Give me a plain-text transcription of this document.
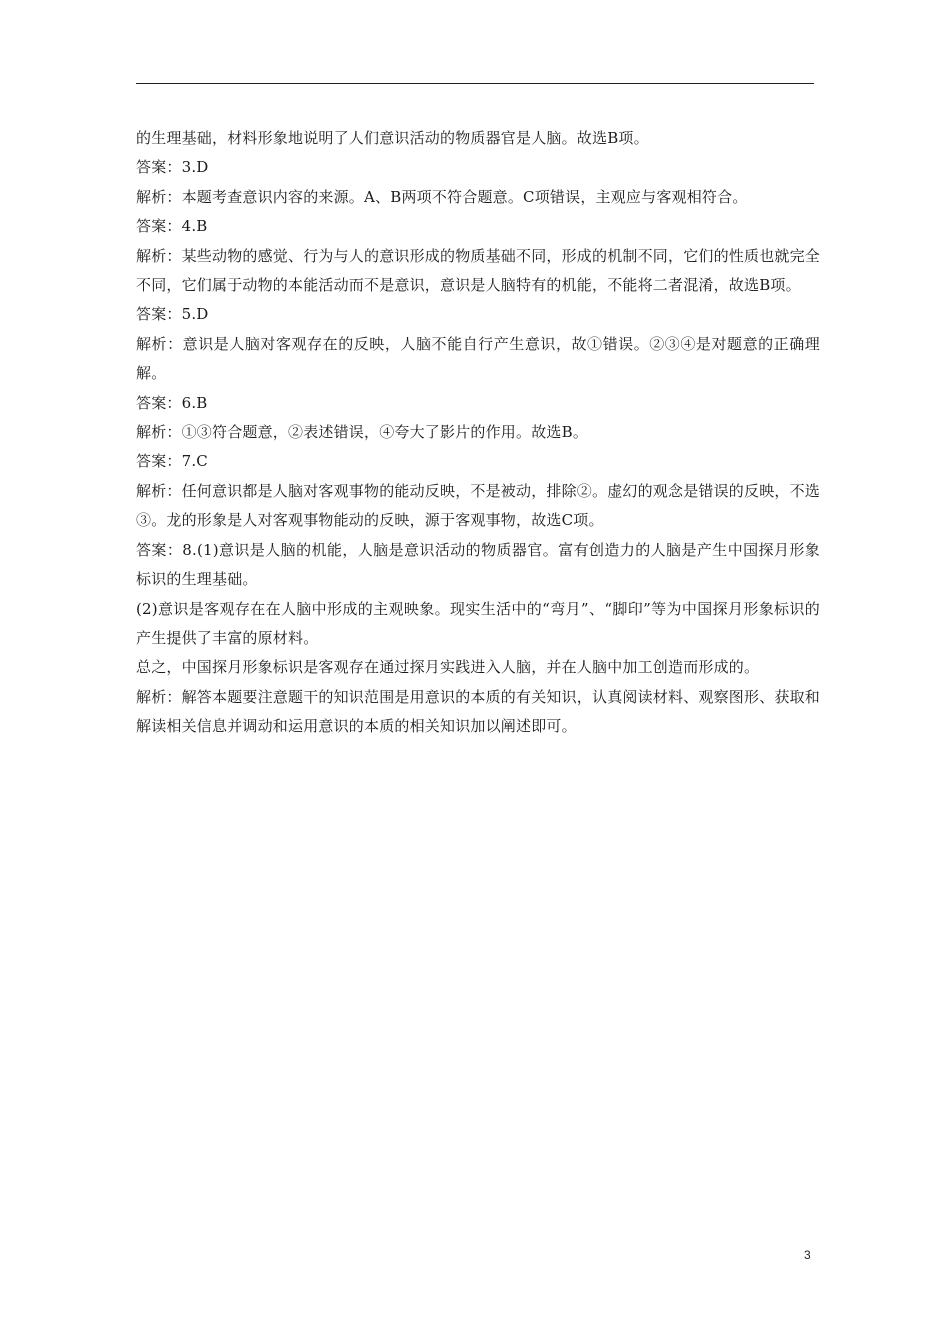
的生理基础，材料形象地说明了人们意识活动的物质器官是人脑。故选B项。

答案：3.D

解析：本题考查意识内容的来源。A、B两项不符合题意。C项错误，主观应与客观相符合。

答案：4.B

解析：某些动物的感觉、行为与人的意识形成的物质基础不同，形成的机制不同，它们的性质也就完全不同，它们属于动物的本能活动而不是意识，意识是人脑特有的机能，不能将二者混淆，故选B项。

答案：5.D

解析：意识是人脑对客观存在的反映，人脑不能自行产生意识，故①错误。②③④是对题意的正确理解。

答案：6.B

解析：①③符合题意，②表述错误，④夸大了影片的作用。故选B。

答案：7.C

解析：任何意识都是人脑对客观事物的能动反映，不是被动，排除②。虚幻的观念是错误的反映，不选③。龙的形象是人对客观事物能动的反映，源于客观事物，故选C项。

答案：8.(1)意识是人脑的机能，人脑是意识活动的物质器官。富有创造力的人脑是产生中国探月形象标识的生理基础。

(2)意识是客观存在在人脑中形成的主观映象。现实生活中的“弯月”、“脚印”等为中国探月形象标识的产生提供了丰富的原材料。

总之，中国探月形象标识是客观存在通过探月实践进入人脑，并在人脑中加工创造而形成的。

解析：解答本题要注意题干的知识范围是用意识的本质的有关知识，认真阅读材料、观察图形、获取和解读相关信息并调动和运用意识的本质的相关知识加以阐述即可。

3
